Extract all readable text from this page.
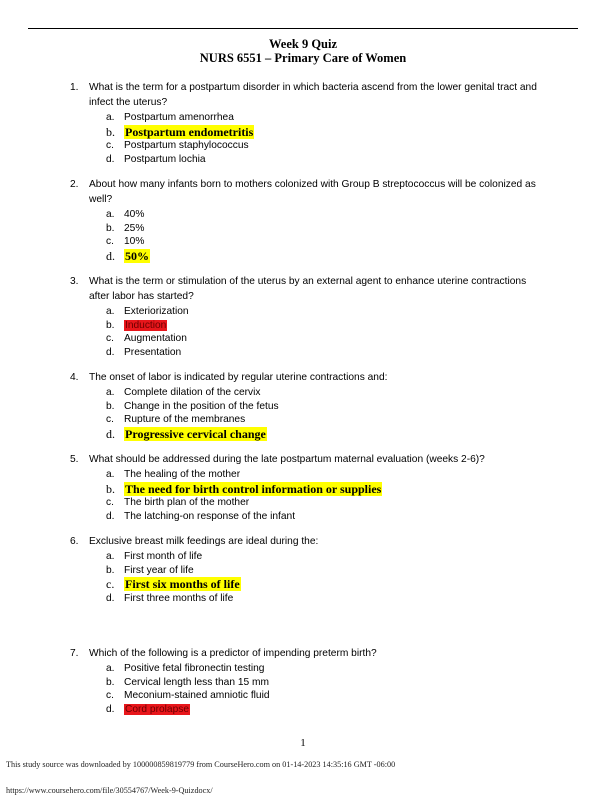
Week 9 Quiz
NURS 6551 – Primary Care of Women
1. What is the term for a postpartum disorder in which bacteria ascend from the lower genital tract and infect the uterus?
a. Postpartum amenorrhea
b. Postpartum endometritis
c. Postpartum staphylococcus
d. Postpartum lochia
2. About how many infants born to mothers colonized with Group B streptococcus will be colonized as well?
a. 40%
b. 25%
c. 10%
d. 50%
3. What is the term or stimulation of the uterus by an external agent to enhance uterine contractions after labor has started?
a. Exteriorization
b. Induction
c. Augmentation
d. Presentation
4. The onset of labor is indicated by regular uterine contractions and:
a. Complete dilation of the cervix
b. Change in the position of the fetus
c. Rupture of the membranes
d. Progressive cervical change
5. What should be addressed during the late postpartum maternal evaluation (weeks 2-6)?
a. The healing of the mother
b. The need for birth control information or supplies
c. The birth plan of the mother
d. The latching-on response of the infant
6. Exclusive breast milk feedings are ideal during the:
a. First month of life
b. First year of life
c. First six months of life
d. First three months of life
7. Which of the following is a predictor of impending preterm birth?
a. Positive fetal fibronectin testing
b. Cervical length less than 15 mm
c. Meconium-stained amniotic fluid
d. Cord prolapse
1
This study source was downloaded by 100000859819779 from CourseHero.com on 01-14-2023 14:35:16 GMT -06:00
https://www.coursehero.com/file/30554767/Week-9-Quizdocx/
